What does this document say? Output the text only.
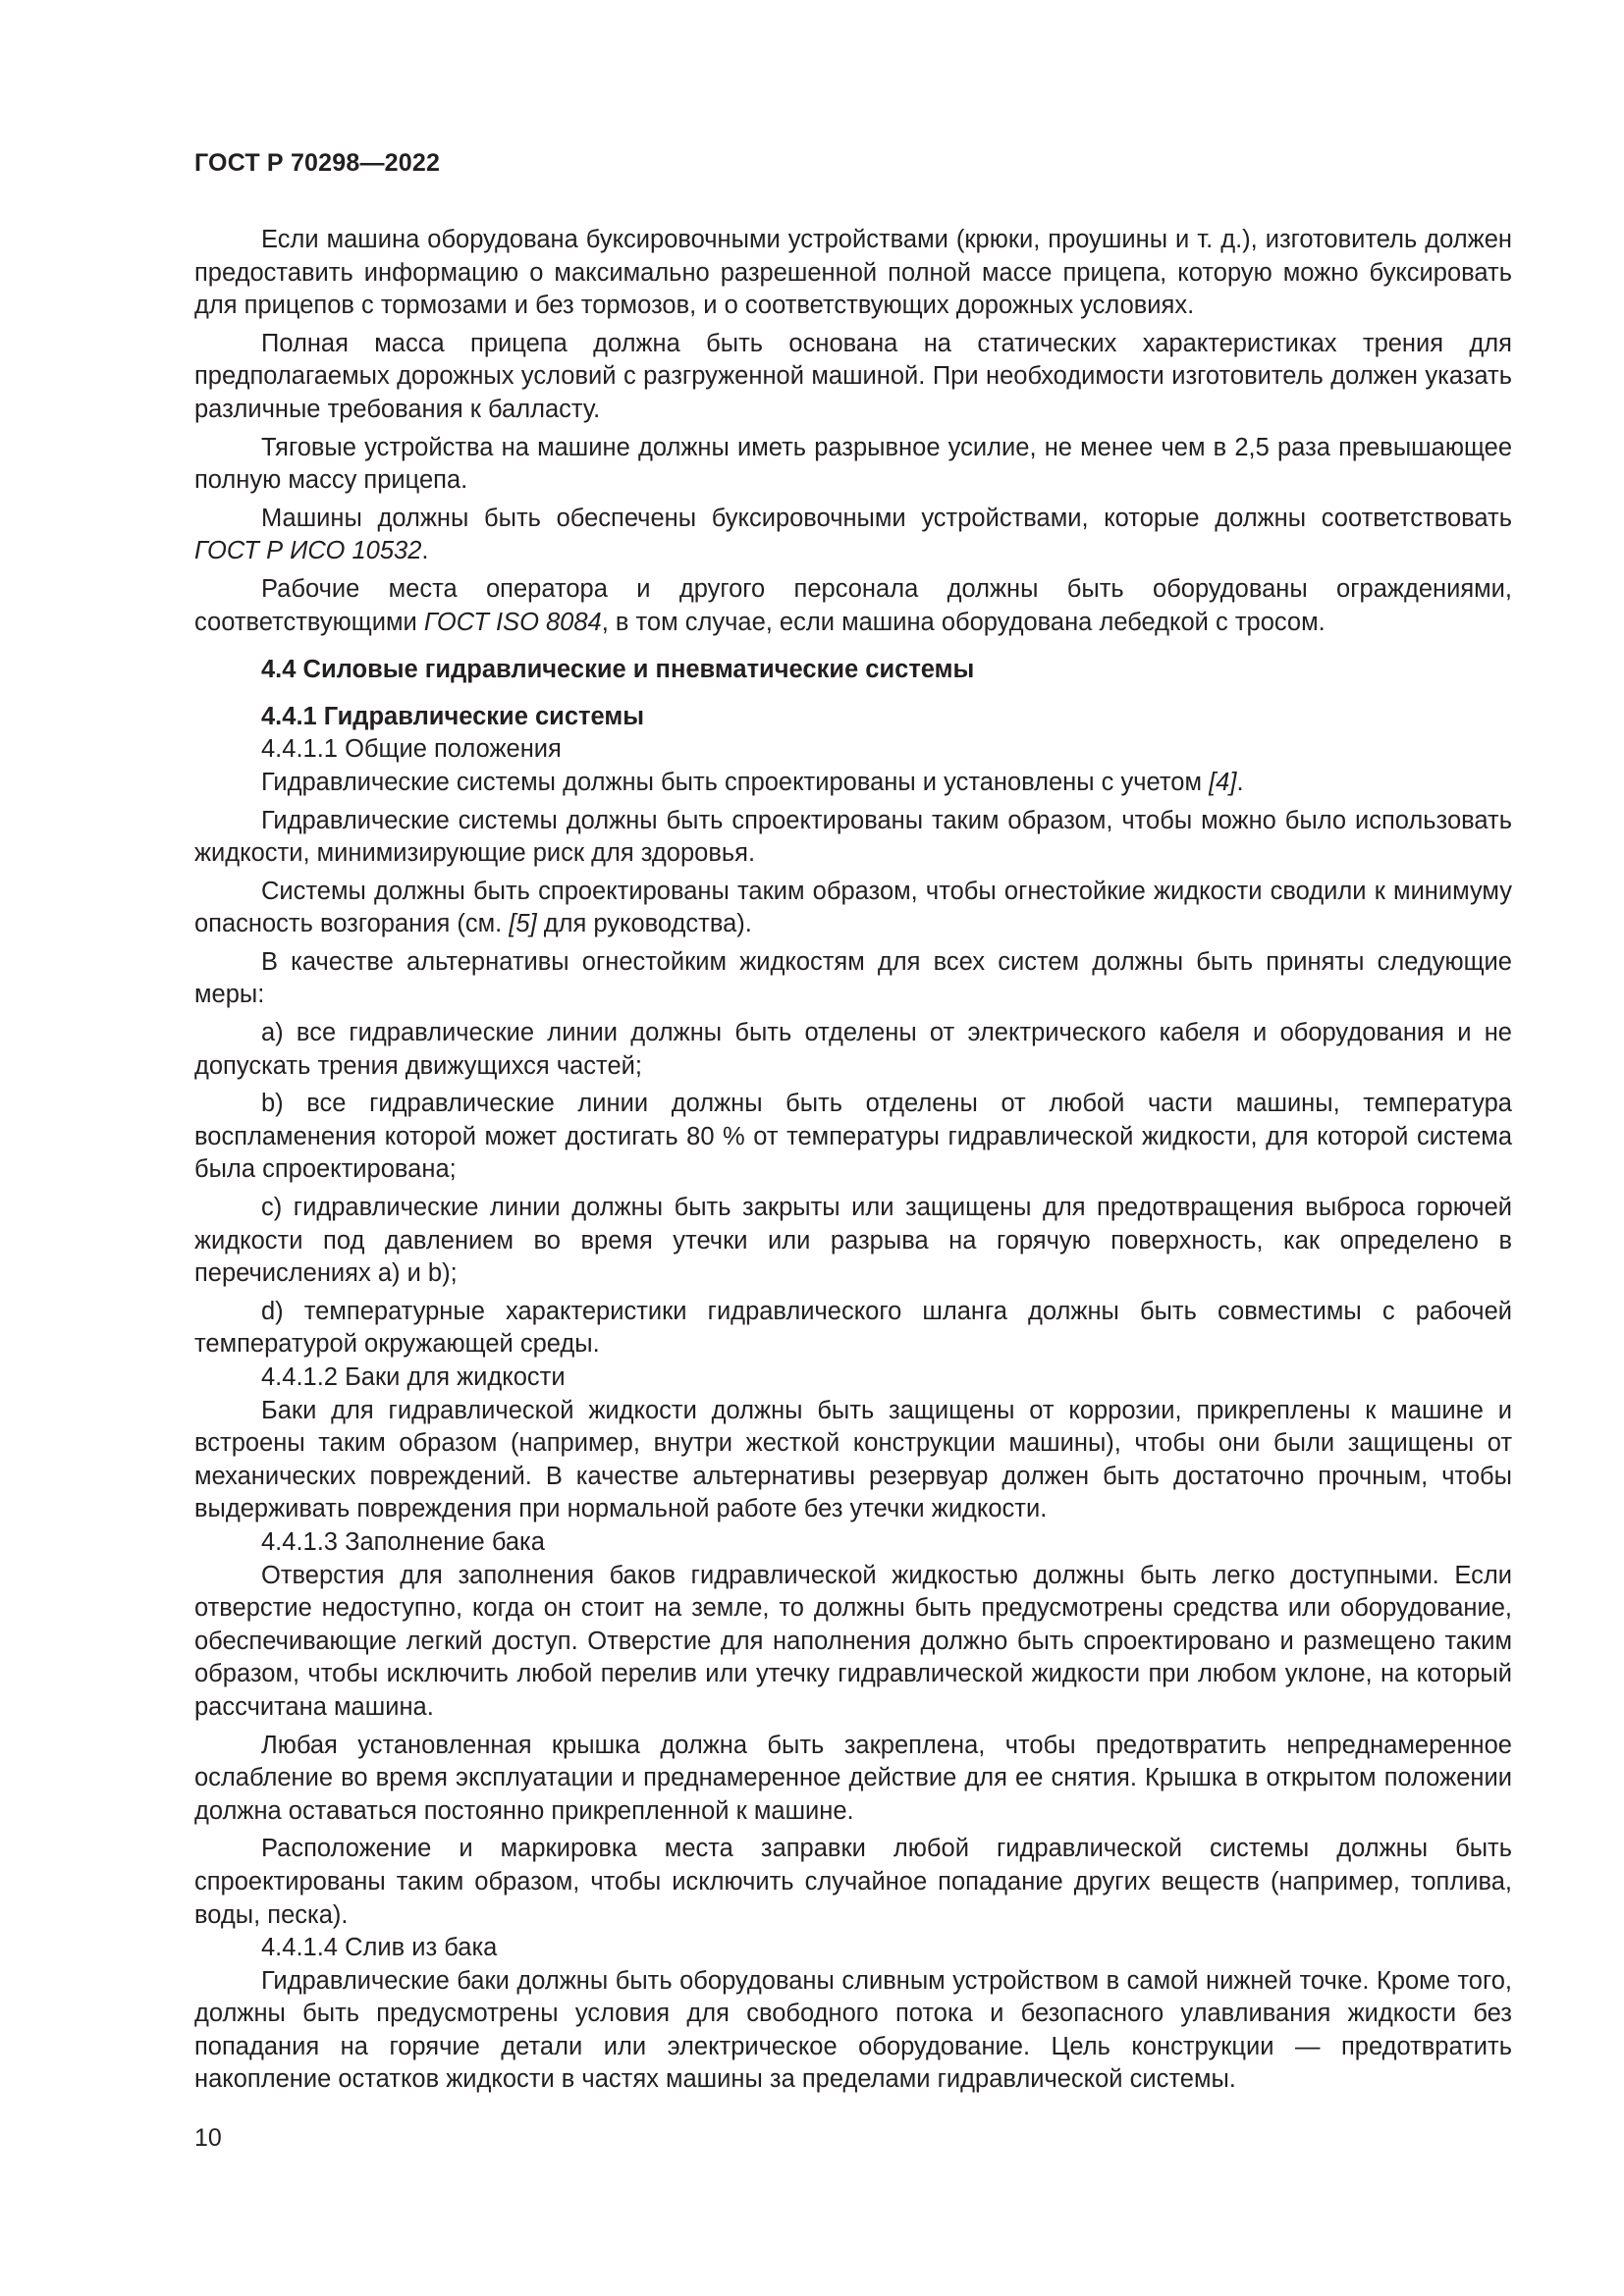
ГОСТ Р 70298—2022

Если машина оборудована буксировочными устройствами (крюки, проушины и т. д.), изготовитель должен предоставить информацию о максимально разрешенной полной массе прицепа, которую можно буксировать для прицепов с тормозами и без тормозов, и о соответствующих дорожных условиях.

Полная масса прицепа должна быть основана на статических характеристиках трения для предполагаемых дорожных условий с разгруженной машиной. При необходимости изготовитель должен указать различные требования к балласту.

Тяговые устройства на машине должны иметь разрывное усилие, не менее чем в 2,5 раза превышающее полную массу прицепа.

Машины должны быть обеспечены буксировочными устройствами, которые должны соответствовать ГОСТ Р ИСО 10532.

Рабочие места оператора и другого персонала должны быть оборудованы ограждениями, соответствующими ГОСТ ISO 8084, в том случае, если машина оборудована лебедкой с тросом.

4.4 Силовые гидравлические и пневматические системы

4.4.1 Гидравлические системы

4.4.1.1 Общие положения

Гидравлические системы должны быть спроектированы и установлены с учетом [4].

Гидравлические системы должны быть спроектированы таким образом, чтобы можно было использовать жидкости, минимизирующие риск для здоровья.

Системы должны быть спроектированы таким образом, чтобы огнестойкие жидкости сводили к минимуму опасность возгорания (см. [5] для руководства).

В качестве альтернативы огнестойким жидкостям для всех систем должны быть приняты следующие меры:

a) все гидравлические линии должны быть отделены от электрического кабеля и оборудования и не допускать трения движущихся частей;

b) все гидравлические линии должны быть отделены от любой части машины, температура воспламенения которой может достигать 80 % от температуры гидравлической жидкости, для которой система была спроектирована;

c) гидравлические линии должны быть закрыты или защищены для предотвращения выброса горючей жидкости под давлением во время утечки или разрыва на горячую поверхность, как определено в перечислениях а) и b);

d) температурные характеристики гидравлического шланга должны быть совместимы с рабочей температурой окружающей среды.

4.4.1.2 Баки для жидкости

Баки для гидравлической жидкости должны быть защищены от коррозии, прикреплены к машине и встроены таким образом (например, внутри жесткой конструкции машины), чтобы они были защищены от механических повреждений. В качестве альтернативы резервуар должен быть достаточно прочным, чтобы выдерживать повреждения при нормальной работе без утечки жидкости.

4.4.1.3 Заполнение бака

Отверстия для заполнения баков гидравлической жидкостью должны быть легко доступными. Если отверстие недоступно, когда он стоит на земле, то должны быть предусмотрены средства или оборудование, обеспечивающие легкий доступ. Отверстие для наполнения должно быть спроектировано и размещено таким образом, чтобы исключить любой перелив или утечку гидравлической жидкости при любом уклоне, на который рассчитана машина.

Любая установленная крышка должна быть закреплена, чтобы предотвратить непреднамеренное ослабление во время эксплуатации и преднамеренное действие для ее снятия. Крышка в открытом положении должна оставаться постоянно прикрепленной к машине.

Расположение и маркировка места заправки любой гидравлической системы должны быть спроектированы таким образом, чтобы исключить случайное попадание других веществ (например, топлива, воды, песка).

4.4.1.4 Слив из бака

Гидравлические баки должны быть оборудованы сливным устройством в самой нижней точке. Кроме того, должны быть предусмотрены условия для свободного потока и безопасного улавливания жидкости без попадания на горячие детали или электрическое оборудование. Цель конструкции — предотвратить накопление остатков жидкости в частях машины за пределами гидравлической системы.

10
